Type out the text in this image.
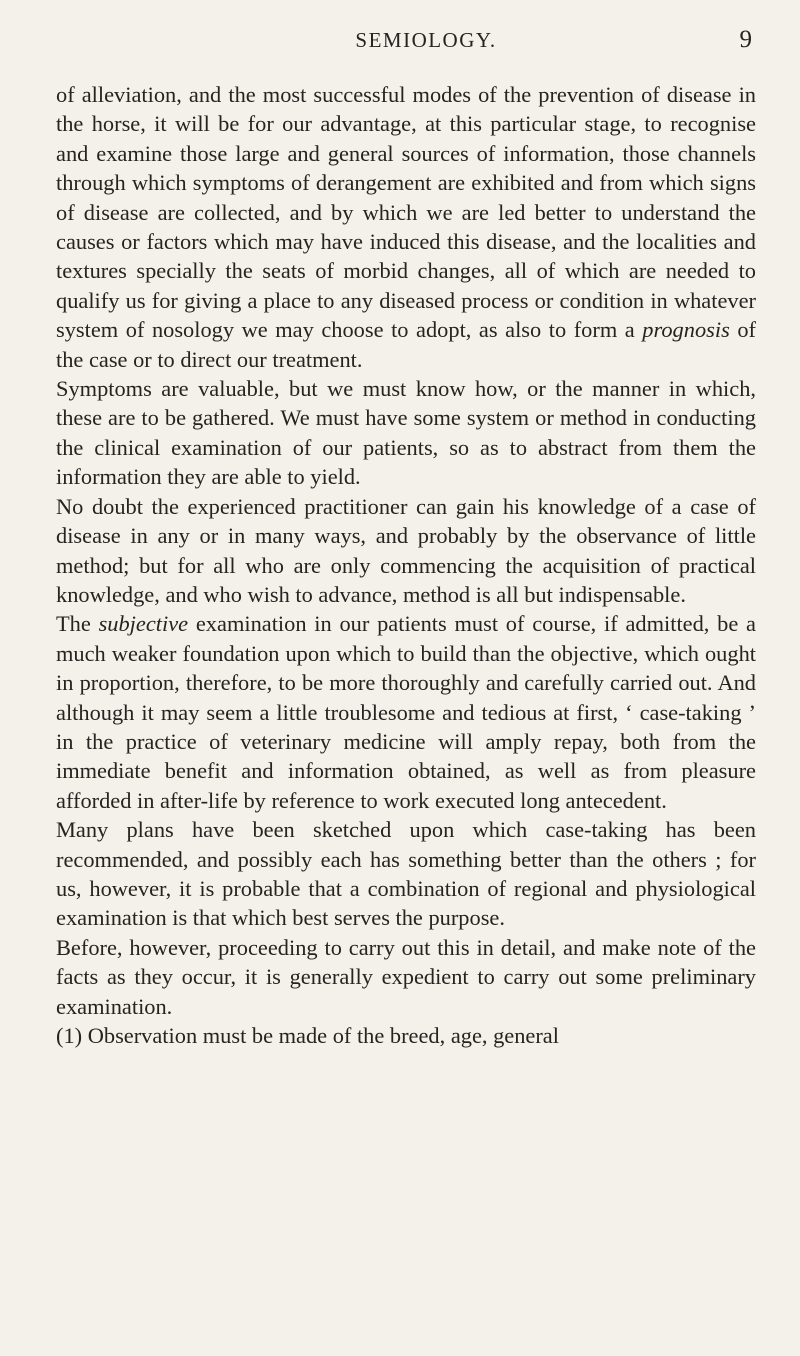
SEMIOLOGY.	9

of alleviation, and the most successful modes of the prevention of disease in the horse, it will be for our advantage, at this particular stage, to recognise and examine those large and general sources of information, those channels through which symptoms of derangement are exhibited and from which signs of disease are collected, and by which we are led better to understand the causes or factors which may have induced this disease, and the localities and textures specially the seats of morbid changes, all of which are needed to qualify us for giving a place to any diseased process or condition in whatever system of nosology we may choose to adopt, as also to form a prognosis of the case or to direct our treatment.

Symptoms are valuable, but we must know how, or the manner in which, these are to be gathered. We must have some system or method in conducting the clinical examination of our patients, so as to abstract from them the information they are able to yield.

No doubt the experienced practitioner can gain his knowledge of a case of disease in any or in many ways, and probably by the observance of little method; but for all who are only commencing the acquisition of practical knowledge, and who wish to advance, method is all but indispensable.

The subjective examination in our patients must of course, if admitted, be a much weaker foundation upon which to build than the objective, which ought in proportion, therefore, to be more thoroughly and carefully carried out. And although it may seem a little troublesome and tedious at first, ‘ case-taking ’ in the practice of veterinary medicine will amply repay, both from the immediate benefit and information obtained, as well as from pleasure afforded in after-life by reference to work executed long antecedent.

Many plans have been sketched upon which case-taking has been recommended, and possibly each has something better than the others ; for us, however, it is probable that a combination of regional and physiological examination is that which best serves the purpose.

Before, however, proceeding to carry out this in detail, and make note of the facts as they occur, it is generally expedient to carry out some preliminary examination.

(1) Observation must be made of the breed, age, general
